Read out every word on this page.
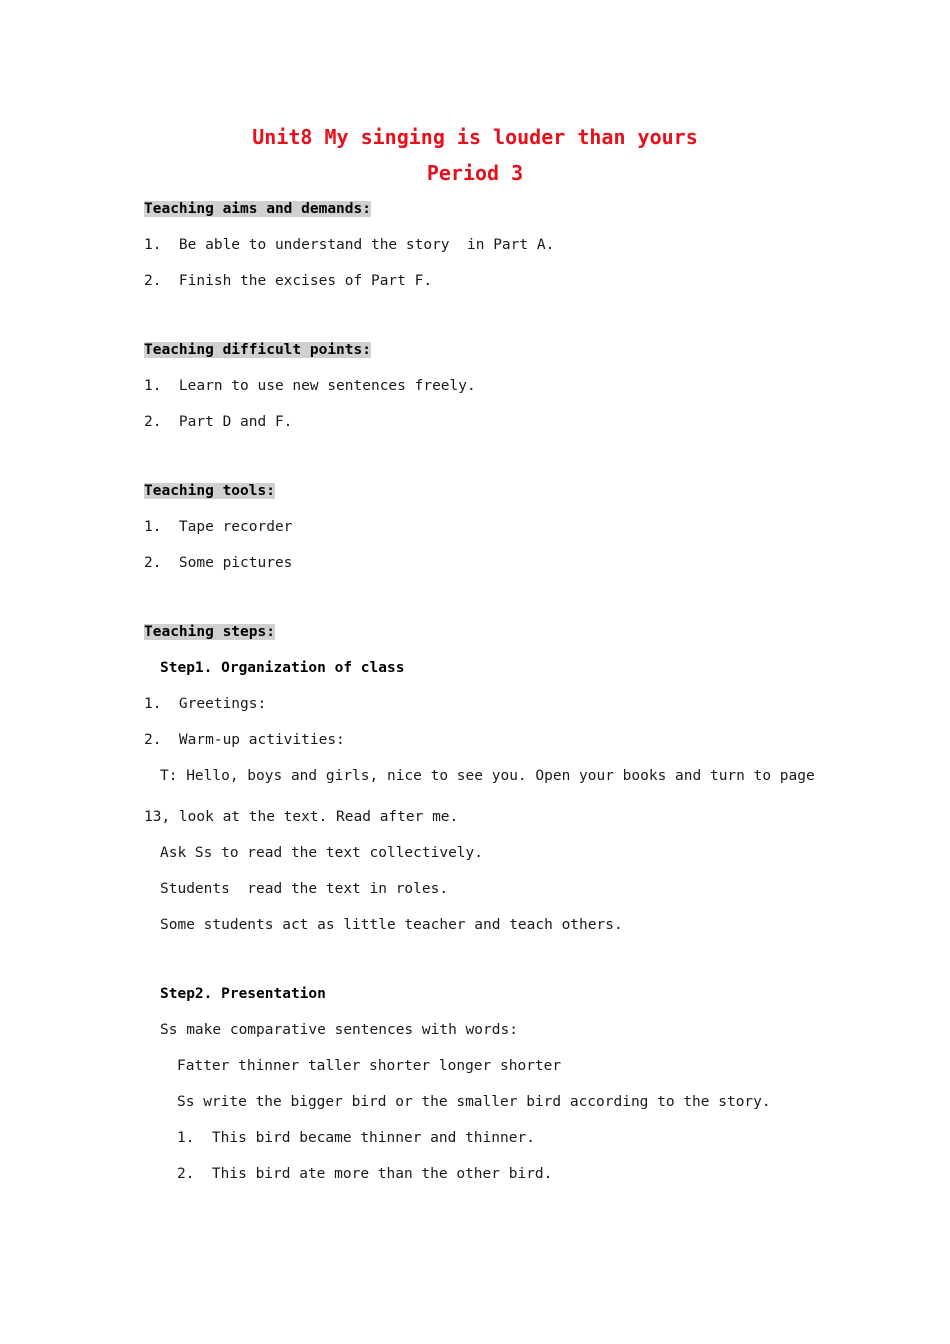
Unit8 My singing is louder than yours
Period 3
Teaching aims and demands:
1.  Be able to understand the story  in Part A.
2.  Finish the excises of Part F.
Teaching difficult points:
1.  Learn to use new sentences freely.
2.  Part D and F.
Teaching tools:
1.  Tape recorder
2.  Some pictures
Teaching steps:
Step1. Organization of class
1.  Greetings:
2.  Warm-up activities:
T: Hello, boys and girls, nice to see you. Open your books and turn to page
13, look at the text. Read after me.
Ask Ss to read the text collectively.
Students  read the text in roles.
Some students act as little teacher and teach others.
Step2. Presentation
Ss make comparative sentences with words:
Fatter thinner taller shorter longer shorter
Ss write the bigger bird or the smaller bird according to the story.
1.  This bird became thinner and thinner.
2.  This bird ate more than the other bird.
